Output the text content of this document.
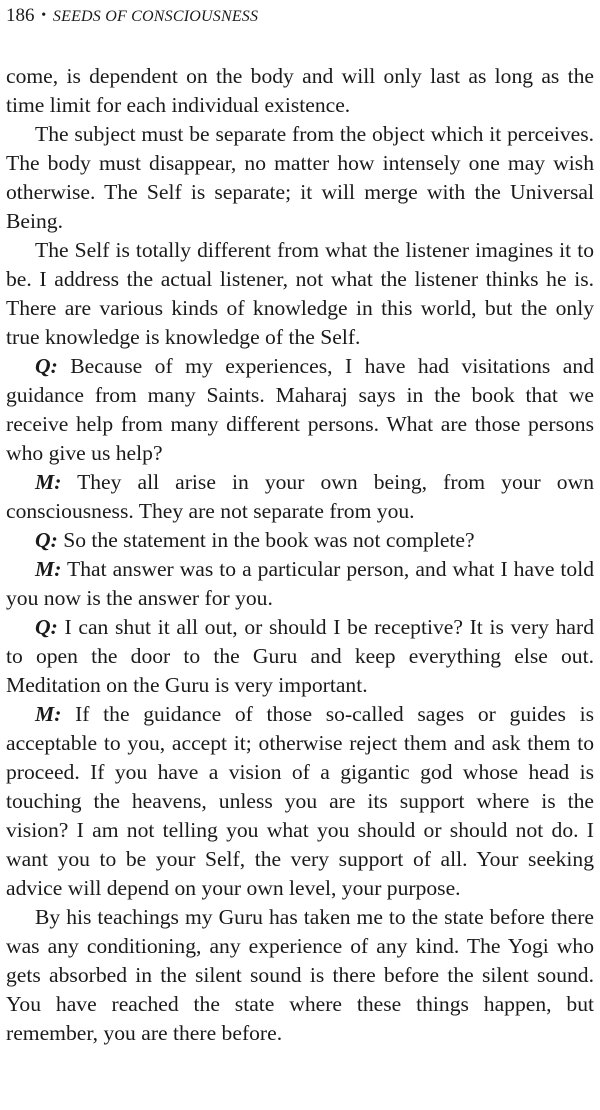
186 • SEEDS OF CONSCIOUSNESS

come, is dependent on the body and will only last as long as the time limit for each individual existence.

The subject must be separate from the object which it perceives. The body must disappear, no matter how intensely one may wish otherwise. The Self is separate; it will merge with the Universal Being.

The Self is totally different from what the listener imagines it to be. I address the actual listener, not what the listener thinks he is. There are various kinds of knowledge in this world, but the only true knowledge is knowledge of the Self.

Q: Because of my experiences, I have had visitations and guidance from many Saints. Maharaj says in the book that we receive help from many different persons. What are those persons who give us help?

M: They all arise in your own being, from your own consciousness. They are not separate from you.

Q: So the statement in the book was not complete?

M: That answer was to a particular person, and what I have told you now is the answer for you.

Q: I can shut it all out, or should I be receptive? It is very hard to open the door to the Guru and keep everything else out. Meditation on the Guru is very important.

M: If the guidance of those so-called sages or guides is acceptable to you, accept it; otherwise reject them and ask them to proceed. If you have a vision of a gigantic god whose head is touching the heavens, unless you are its support where is the vision? I am not telling you what you should or should not do. I want you to be your Self, the very support of all. Your seeking advice will depend on your own level, your purpose.

By his teachings my Guru has taken me to the state before there was any conditioning, any experience of any kind. The Yogi who gets absorbed in the silent sound is there before the silent sound. You have reached the state where these things happen, but remember, you are there before.
